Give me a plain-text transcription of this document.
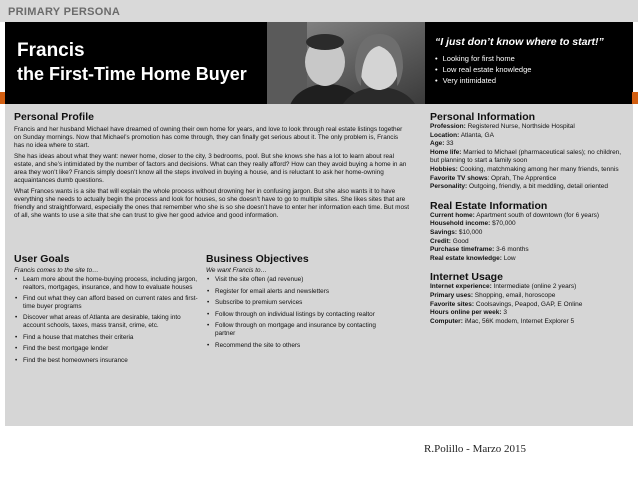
PRIMARY PERSONA
Francis
the First-Time Home Buyer
“I just don’t know where to start!”
• Looking for first home
• Low real estate knowledge
• Very intimidated
Personal Profile

Francis and her husband Michael have dreamed of owning their own home for years, and love to look through real estate listings together on Sunday mornings. Now that Michael’s promotion has come through, they can finally get serious about it. The only problem is, Francis has no idea where to start.

She has ideas about what they want: newer home, closer to the city, 3 bedrooms, pool. But she knows she has a lot to learn about real estate, and she’s intimidated by the number of factors and decisions. What can they really afford? How can they avoid buying a home in an area they won’t like? Francis simply doesn’t know all the steps involved in buying a house, and is reluctant to ask her home-owning acquaintances dumb questions.

What Frances wants is a site that will explain the whole process without drowning her in confusing jargon. But she also wants it to have everything she needs to actually begin the process and look for houses, so she doesn’t have to go to multiple sites. She likes sites that are friendly and straightforward, especially the ones that remember who she is so she doesn’t have to enter her information each time. But most of all, she wants to use a site that she can trust to give her good advice and good information.

User Goals
Francis comes to the site to…
• Learn more about the home-buying process, including jargon, realtors, mortgages, insurance, and how to evaluate houses
• Find out what they can afford based on current rates and first-time buyer programs
• Discover what areas of Atlanta are desirable, taking into account schools, taxes, mass transit, crime, etc.
• Find a house that matches their criteria
• Find the best mortgage lender
• Find the best homeowners insurance
Business Objectives
We want Francis to…
• Visit the site often (ad revenue)
• Register for email alerts and newsletters
• Subscribe to premium services
• Follow through on individual listings by contacting realtor
• Follow through on mortgage and insurance by contacting partner
• Recommend the site to others
Personal Information
Profession: Registered Nurse, Northside Hospital
Location: Atlanta, GA
Age: 33
Home life: Married to Michael (pharmaceutical sales); no children, but planning to start a family soon
Hobbies: Cooking, matchmaking among her many friends, tennis
Favorite TV shows: Oprah, The Apprentice
Personality: Outgoing, friendly, a bit meddling, detail oriented
Real Estate Information
Current home: Apartment south of downtown (for 6 years)
Household income: $70,000
Savings: $10,000
Credit: Good
Purchase timeframe: 3-6 months
Real estate knowledge: Low
Internet Usage
Internet experience: Intermediate (online 2 years)
Primary uses: Shopping, email, horoscope
Favorite sites: Coolsavings, Peapod, GAP, E Online
Hours online per week: 3
Computer: iMac, 56K modem, Internet Explorer 5
R.Polillo - Marzo 2015
